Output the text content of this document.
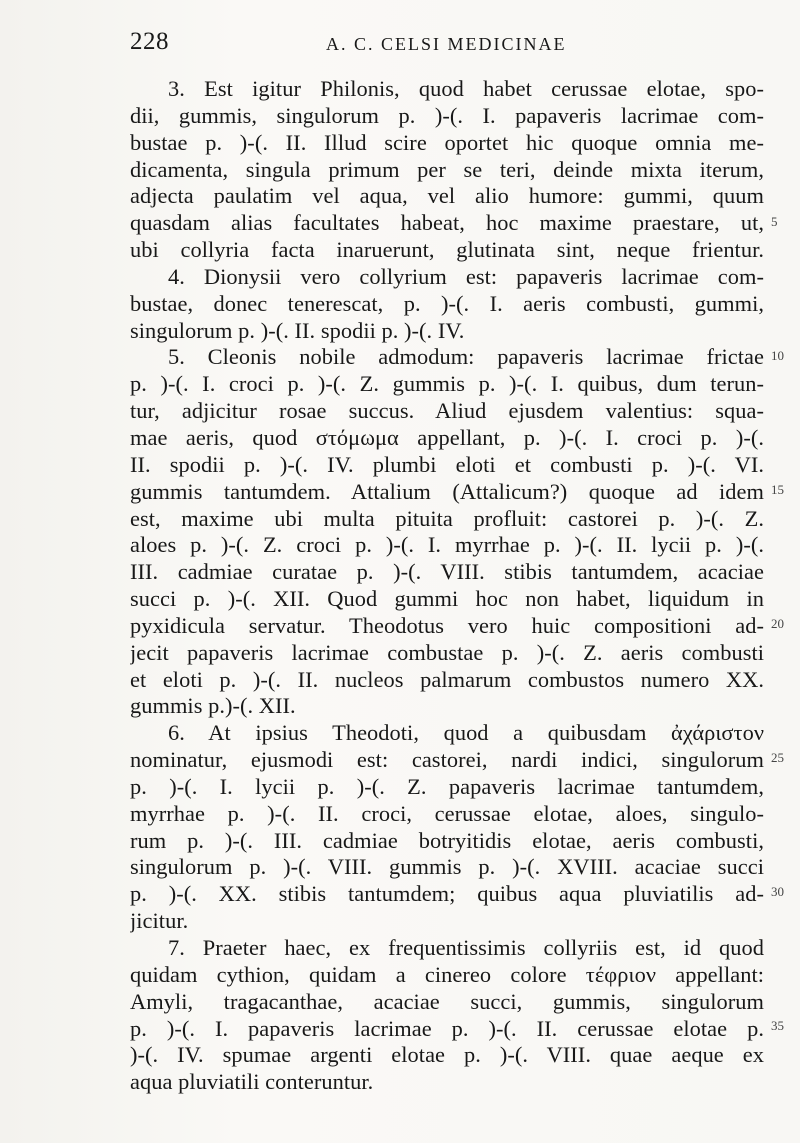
228	A. C. CELSI MEDICINAE
3. Est igitur Philonis, quod habet cerussae elotae, spo-
dii, gummis, singulorum p. )-(. I. papaveris lacrimae com-
bustae p. )-(. II. Illud scire oportet hic quoque omnia me-
dicamenta, singula primum per se teri, deinde mixta iterum,
adjecta paulatim vel aqua, vel alio humore: gummi, quum
quasdam alias facultates habeat, hoc maxime praestare, ut,
ubi collyria facta inaruerunt, glutinata sint, neque frientur.
4. Dionysii vero collyrium est: papaveris lacrimae com-
bustae, donec tenerescat, p. )-(. I. aeris combusti, gummi,
singulorum p. )-(. II. spodii p. )-(. IV.
5. Cleonis nobile admodum: papaveris lacrimae frictae
p. )-(. I. croci p. )-(. Z. gummis p. )-(. I. quibus, dum terun-
tur, adjicitur rosae succus. Aliud ejusdem valentius: squa-
mae aeris, quod στόμωμα appellant, p. )-(. I. croci p. )-(.
II. spodii p. )-(. IV. plumbi eloti et combusti p. )-(. VI.
gummis tantumdem. Attalium (Attalicum?) quoque ad idem
est, maxime ubi multa pituita profluit: castorei p. )-(. Z.
aloes p. )-(. Z. croci p. )-(. I. myrrhae p. )-(. II. lycii p. )-(.
III. cadmiae curatae p. )-(. VIII. stibis tantumdem, acaciae
succi p. )-(. XII. Quod gummi hoc non habet, liquidum in
pyxidicula servatur. Theodotus vero huic compositioni ad-
jecit papaveris lacrimae combustae p. )-(. Z. aeris combusti
et eloti p. )-(. II. nucleos palmarum combustos numero XX.
gummis p.)-(. XII.
6. At ipsius Theodoti, quod a quibusdam ἀχάριστον
nominatur, ejusmodi est: castorei, nardi indici, singulorum
p. )-(. I. lycii p. )-(. Z. papaveris lacrimae tantumdem,
myrrhae p. )-(. II. croci, cerussae elotae, aloes, singulo-
rum p. )-(. III. cadmiae botryitidis elotae, aeris combusti,
singulorum p. )-(. VIII. gummis p. )-(. XVIII. acaciae succi
p. )-(. XX. stibis tantumdem; quibus aqua pluviatilis ad-
jicitur.
7. Praeter haec, ex frequentissimis collyriis est, id quod
quidam cythion, quidam a cinereo colore τέφριον appellant:
Amyli, tragacanthae, acaciae succi, gummis, singulorum
p. )-(. I. papaveris lacrimae p. )-(. II. cerussae elotae p.
)-(. IV. spumae argenti elotae p. )-(. VIII. quae aeque ex
aqua pluviatili conteruntur.
5
10
15
20
25
30
35
